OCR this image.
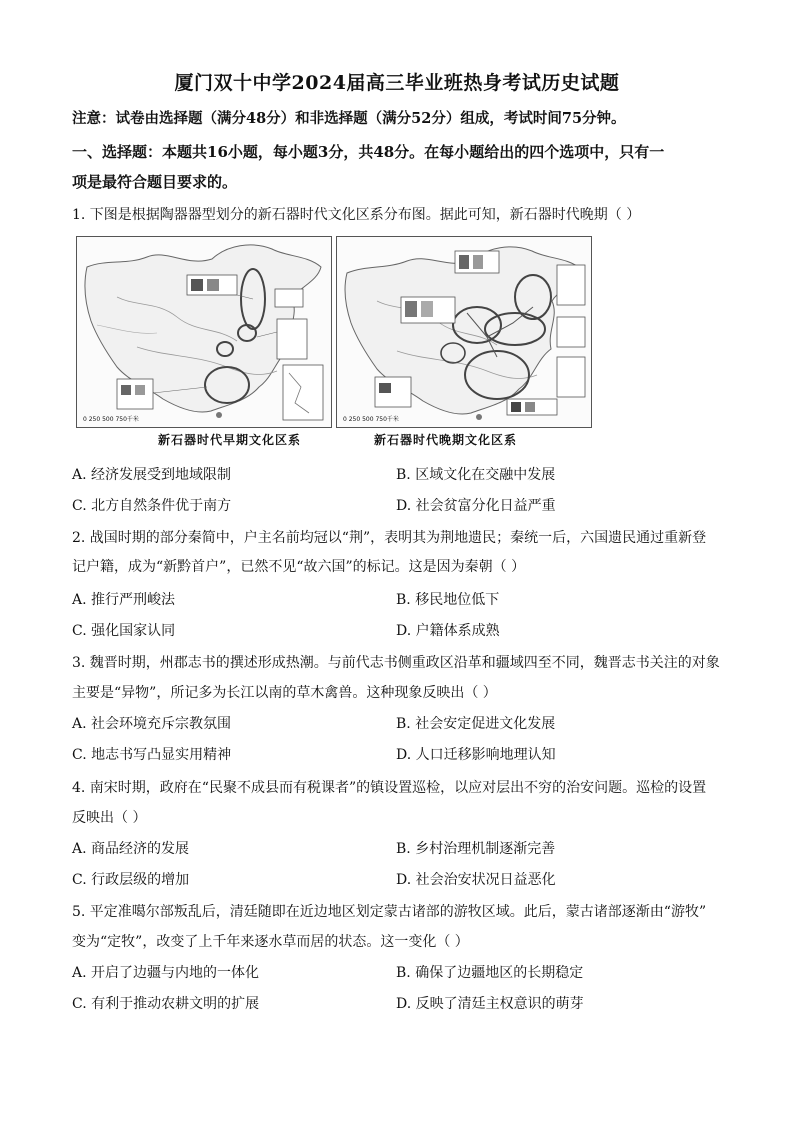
厦门双十中学2024届高三毕业班热身考试历史试题
注意：试卷由选择题（满分48分）和非选择题（满分52分）组成，考试时间75分钟。
一、选择题：本题共16小题，每小题3分，共48分。在每小题给出的四个选项中，只有一
项是最符合题目要求的。
1. 下图是根据陶器器型划分的新石器时代文化区系分布图。据此可知，新石器时代晚期（ ）
0 250 500 750千米	0 250 500 750千米
新石器时代早期文化区系	新石器时代晚期文化区系
A. 经济发展受到地域限制	B. 区域文化在交融中发展
C. 北方自然条件优于南方	D. 社会贫富分化日益严重
2. 战国时期的部分秦简中，户主名前均冠以“荆”，表明其为荆地遗民；秦统一后，六国遗民通过重新登
记户籍，成为“新黔首户”，已然不见“故六国”的标记。这是因为秦朝（ ）
A. 推行严刑峻法	B. 移民地位低下
C. 强化国家认同	D. 户籍体系成熟
3. 魏晋时期，州郡志书的撰述形成热潮。与前代志书侧重政区沿革和疆域四至不同，魏晋志书关注的对象
主要是“异物”，所记多为长江以南的草木禽兽。这种现象反映出（ ）
A. 社会环境充斥宗教氛围	B. 社会安定促进文化发展
C. 地志书写凸显实用精神	D. 人口迁移影响地理认知
4. 南宋时期，政府在“民聚不成县而有税课者”的镇设置巡检，以应对层出不穷的治安问题。巡检的设置
反映出（ ）
A. 商品经济的发展	B. 乡村治理机制逐渐完善
C. 行政层级的增加	D. 社会治安状况日益恶化
5. 平定准噶尔部叛乱后，清廷随即在近边地区划定蒙古诸部的游牧区域。此后，蒙古诸部逐渐由“游牧”
变为“定牧”，改变了上千年来逐水草而居的状态。这一变化（ ）
A. 开启了边疆与内地的一体化	B. 确保了边疆地区的长期稳定
C. 有利于推动农耕文明的扩展	D. 反映了清廷主权意识的萌芽
